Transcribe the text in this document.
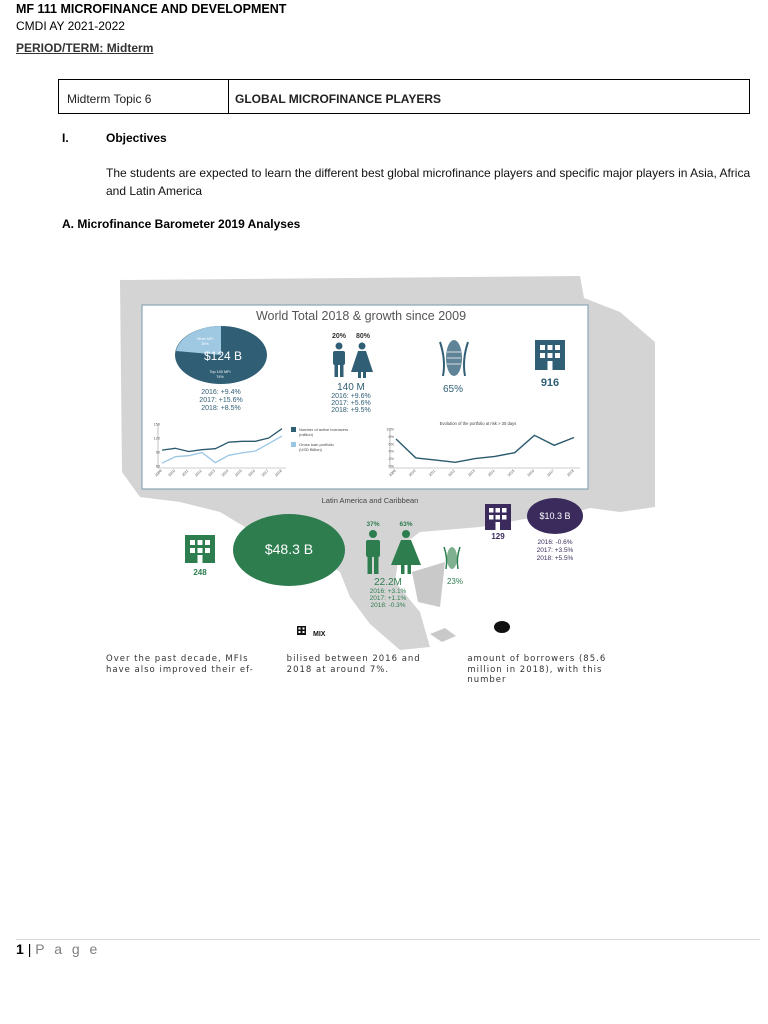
MF 111 MICROFINANCE AND DEVELOPMENT
CMDI AY 2021-2022
PERIOD/TERM: Midterm
Midterm Topic 6	GLOBAL MICROFINANCE PLAYERS
I.	Objectives
The students are expected to learn the different best global microfinance players and specific major players in Asia, Africa and Latin America
A. Microfinance Barometer 2019 Analyses
World Total 2018 & growth since 2009
Other MFI
26%
$124 B
Top 100 MFI
74%
2016: +9.4%
2017: +15.6%
2018: +8.5%
20% 80%
140 M
2016: +9.6%
2017: +5.6%
2018: +9.5%
65%
916
150
120
90
60
2009 2010 2011 2012 2013 2014 2015 2016 2017 2018
Number of active borrowers
(million)
Gross loan portfolio
(USD Billion)
Evolution of the portfolio at risk > 30 days
10%
8%
6%
4%
2%
0%
2009	2010	2011	2012	2013	2014	2015	2016	2017	2018
Latin America and Caribbean
248
$48.3 B
37%	63%
22.2M
2016: +3.1%
2017: +1.1%
2018: -0.3%
23%
129
$10.3 B
2016: -0.6%
2017: +3.5%
2018: +5.5%
MIX
Over the past decade, MFIs have also improved their ef-
bilised between 2016 and 2018 at around 7%.
amount of borrowers (85.6 million in 2018), with this number
1 | P a g e
